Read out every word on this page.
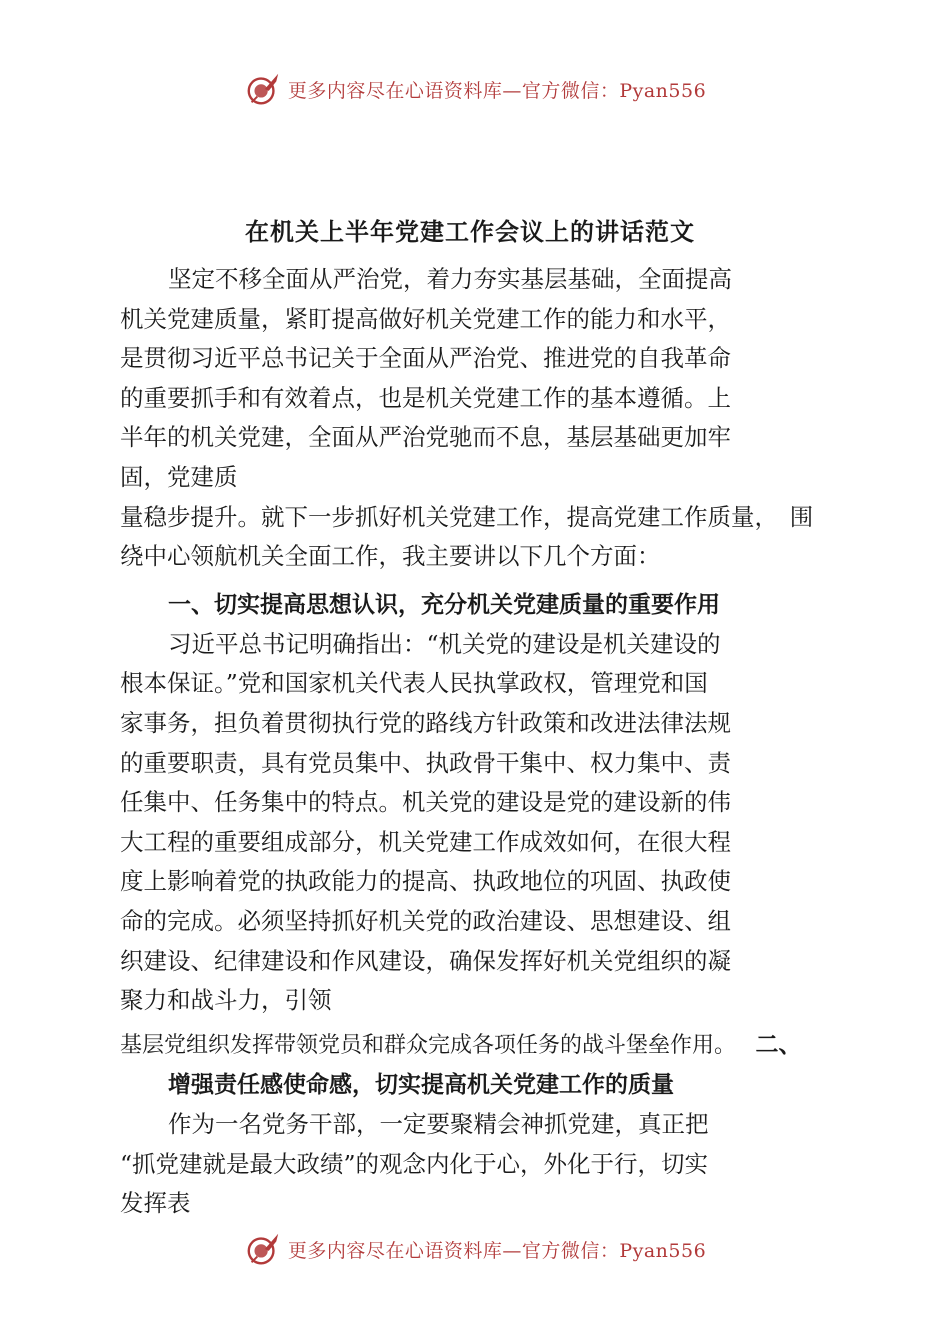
更多内容尽在心语资料库—官方微信：Pyan556
在机关上半年党建工作会议上的讲话范文

坚定不移全面从严治党，着力夯实基层基础，全面提高
机关党建质量，紧盯提高做好机关党建工作的能力和水平，
是贯彻习近平总书记关于全面从严治党、推进党的自我革命
的重要抓手和有效着点，也是机关党建工作的基本遵循。上
半年的机关党建，全面从严治党驰而不息，基层基础更加牢
固，党建质

量稳步提升。就下一步抓好机关党建工作，提高党建工作质量，　围
绕中心领航机关全面工作，我主要讲以下几个方面：

一、切实提高思想认识，充分机关党建质量的重要作用

习近平总书记明确指出：“机关党的建设是机关建设的
根本保证。”党和国家机关代表人民执掌政权，管理党和国
家事务，担负着贯彻执行党的路线方针政策和改进法律法规
的重要职责，具有党员集中、执政骨干集中、权力集中、责
任集中、任务集中的特点。机关党的建设是党的建设新的伟
大工程的重要组成部分，机关党建工作成效如何，在很大程
度上影响着党的执政能力的提高、执政地位的巩固、执政使
命的完成。必须坚持抓好机关党的政治建设、思想建设、组
织建设、纪律建设和作风建设，确保发挥好机关党组织的凝
聚力和战斗力，引领

基层党组织发挥带领党员和群众完成各项任务的战斗堡垒作用。 二、

增强责任感使命感，切实提高机关党建工作的质量

作为一名党务干部，一定要聚精会神抓党建，真正把
“抓党建就是最大政绩”的观念内化于心，外化于行，切实
发挥表

更多内容尽在心语资料库—官方微信：Pyan556
